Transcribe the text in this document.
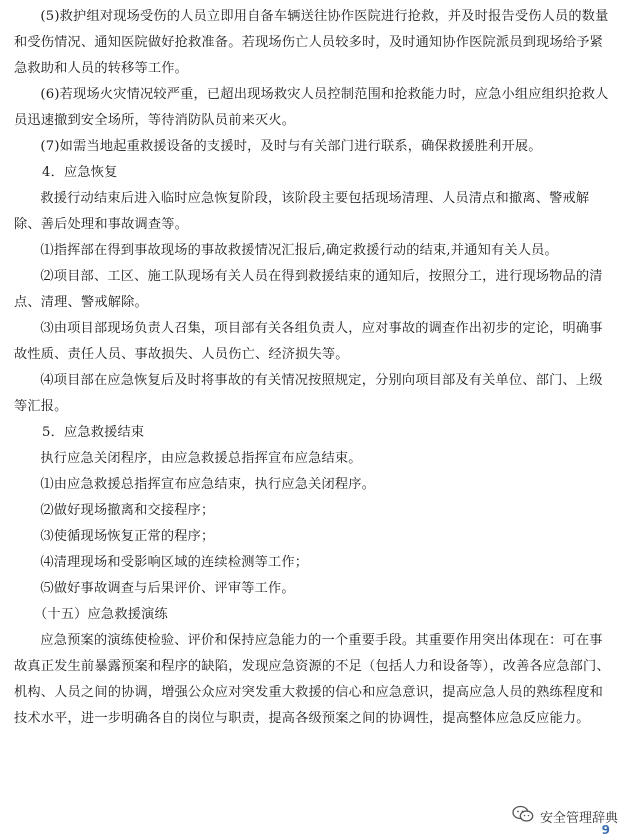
(5)救护组对现场受伤的人员立即用自备车辆送往协作医院进行抢救，并及时报告受伤人员的数量和受伤情况、通知医院做好抢救准备。若现场伤亡人员较多时，及时通知协作医院派员到现场给予紧急救助和人员的转移等工作。

(6)若现场火灾情况较严重，已超出现场救灾人员控制范围和抢救能力时，应急小组应组织抢救人员迅速撤到安全场所，等待消防队员前来灭火。

(7)如需当地起重救援设备的支援时，及时与有关部门进行联系，确保救援胜利开展。

4．应急恢复

救援行动结束后进入临时应急恢复阶段，该阶段主要包括现场清理、人员清点和撤离、警戒解除、善后处理和事故调查等。

⑴指挥部在得到事故现场的事故救援情况汇报后,确定救援行动的结束,并通知有关人员。

⑵项目部、工区、施工队现场有关人员在得到救援结束的通知后，按照分工，进行现场物品的清点、清理、警戒解除。

⑶由项目部现场负责人召集，项目部有关各组负责人，应对事故的调查作出初步的定论，明确事故性质、责任人员、事故损失、人员伤亡、经济损失等。

⑷项目部在应急恢复后及时将事故的有关情况按照规定，分别向项目部及有关单位、部门、上级等汇报。

5．应急救援结束

执行应急关闭程序，由应急救援总指挥宣布应急结束。

⑴由应急救援总指挥宣布应急结束，执行应急关闭程序。

⑵做好现场撤离和交接程序；

⑶使循现场恢复正常的程序；

⑷清理现场和受影响区域的连续检测等工作；

⑸做好事故调查与后果评价、评审等工作。

（十五）应急救援演练

应急预案的演练使检验、评价和保持应急能力的一个重要手段。其重要作用突出体现在：可在事故真正发生前暴露预案和程序的缺陷，发现应急资源的不足（包括人力和设备等），改善各应急部门、机构、人员之间的协调，增强公众应对突发重大救援的信心和应急意识，提高应急人员的熟练程度和技术水平，进一步明确各自的岗位与职责，提高各级预案之间的协调性，提高整体应急反应能力。

安全管理辞典
9
